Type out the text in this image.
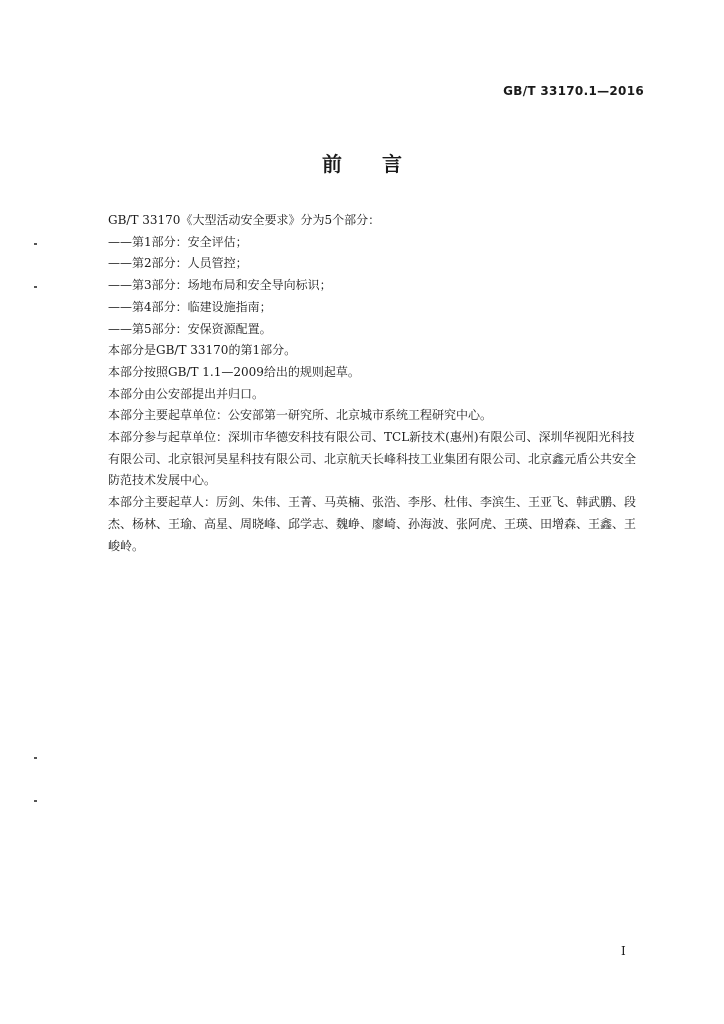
GB/T 33170.1—2016
前言

GB/T 33170《大型活动安全要求》分为5个部分：

——第1部分：安全评估；

——第2部分：人员管控；

——第3部分：场地布局和安全导向标识；

——第4部分：临建设施指南；

——第5部分：安保资源配置。

本部分是GB/T 33170的第1部分。

本部分按照GB/T 1.1—2009给出的规则起草。

本部分由公安部提出并归口。

本部分主要起草单位：公安部第一研究所、北京城市系统工程研究中心。

本部分参与起草单位：深圳市华德安科技有限公司、TCL新技术(惠州)有限公司、深圳华视阳光科技有限公司、北京银河昊星科技有限公司、北京航天长峰科技工业集团有限公司、北京鑫元盾公共安全防范技术发展中心。

本部分主要起草人：厉剑、朱伟、王菁、马英楠、张浩、李彤、杜伟、李滨生、王亚飞、韩武鹏、段杰、杨林、王瑜、高星、周晓峰、邱学志、魏峥、廖崎、孙海波、张阿虎、王瑛、田增森、王鑫、王峻岭。

I
